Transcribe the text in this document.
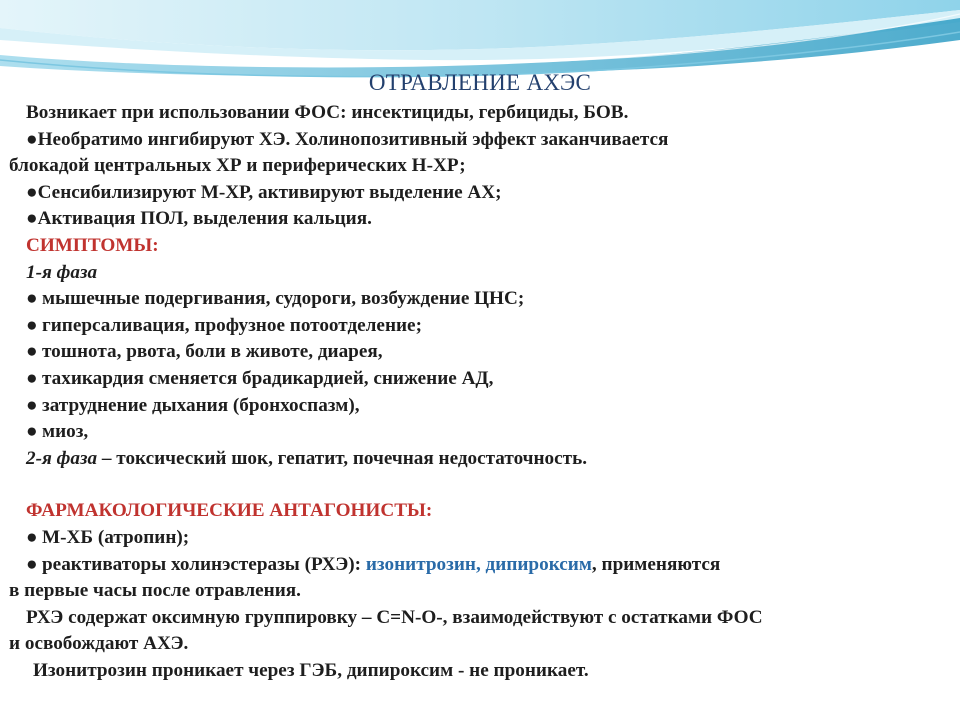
ОТРАВЛЕНИЕ АХЭС
Возникает при использовании ФОС: инсектициды, гербициды, БОВ.
●Необратимо ингибируют ХЭ. Холинопозитивный эффект заканчивается
блокадой центральных ХР и периферических Н-ХР;
●Сенсибилизируют М-ХР, активируют выделение АХ;
●Активация ПОЛ, выделения кальция.
СИМПТОМЫ:
1-я фаза
● мышечные подергивания, судороги, возбуждение ЦНС;
● гиперсаливация, профузное потоотделение;
● тошнота, рвота, боли в животе, диарея,
● тахикардия сменяется брадикардией, снижение АД,
● затруднение дыхания (бронхоспазм),
● миоз,
2-я фаза – токсический шок, гепатит, почечная недостаточность.
ФАРМАКОЛОГИЧЕСКИЕ АНТАГОНИСТЫ:
● М-ХБ (атропин);
● реактиваторы холинэстеразы (РХЭ): изонитрозин, дипироксим, применяются
в первые часы после отравления.
РХЭ содержат оксимную группировку – С=N-O-, взаимодействуют с остатками ФОС
и освобождают АХЭ.
Изонитрозин проникает через ГЭБ, дипироксим - не проникает.
